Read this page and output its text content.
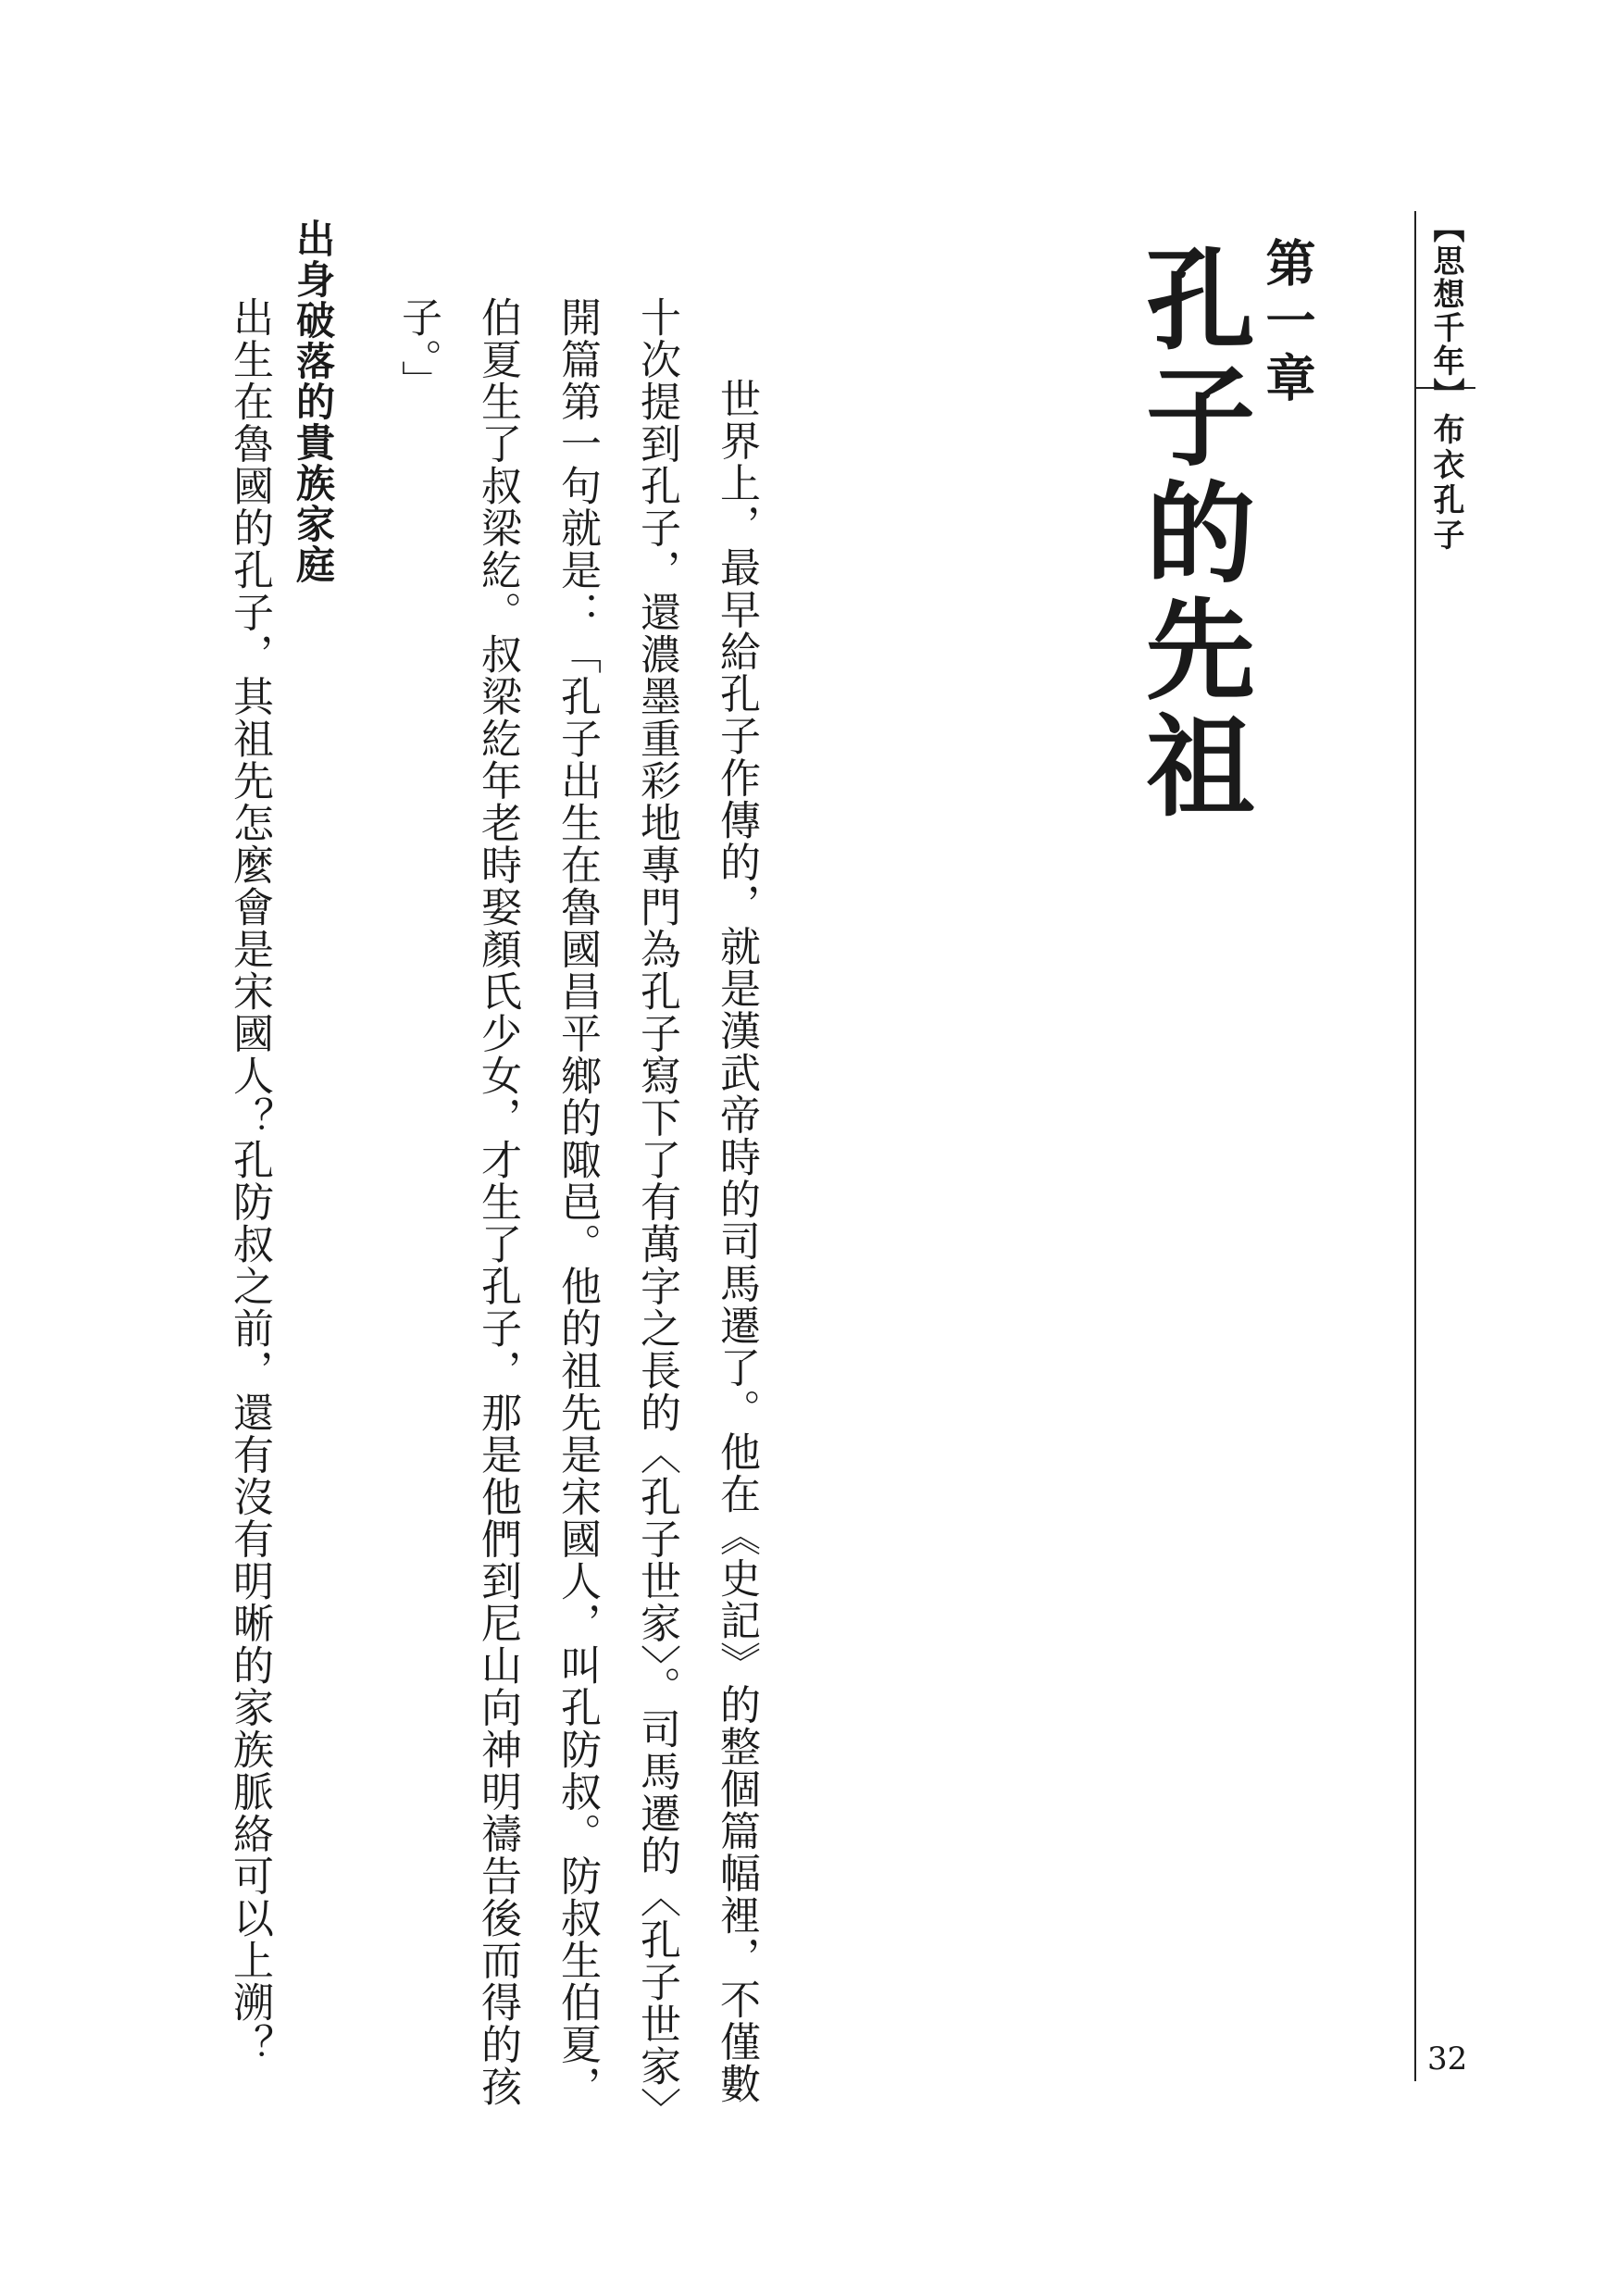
【思想千年】
布衣孔子
32
第一章
孔子的先祖

世界上，最早給孔子作傳的，就是漢武帝時的司馬遷了。他在《史記》的整個篇幅裡，不僅數十次提到孔子，還濃墨重彩地專門為孔子寫下了有萬字之長的〈孔子世家〉。司馬遷的〈孔子世家〉開篇第一句就是：「孔子出生在魯國昌平鄉的陬邑。他的祖先是宋國人，叫孔防叔。防叔生伯夏，伯夏生了叔梁紇。叔梁紇年老時娶顏氏少女，才生了孔子，那是他們到尼山向神明禱告後而得的孩子。」

出身破落的貴族家庭

出生在魯國的孔子，其祖先怎麼會是宋國人？孔防叔之前，還有沒有明晰的家族脈絡可以上溯？
